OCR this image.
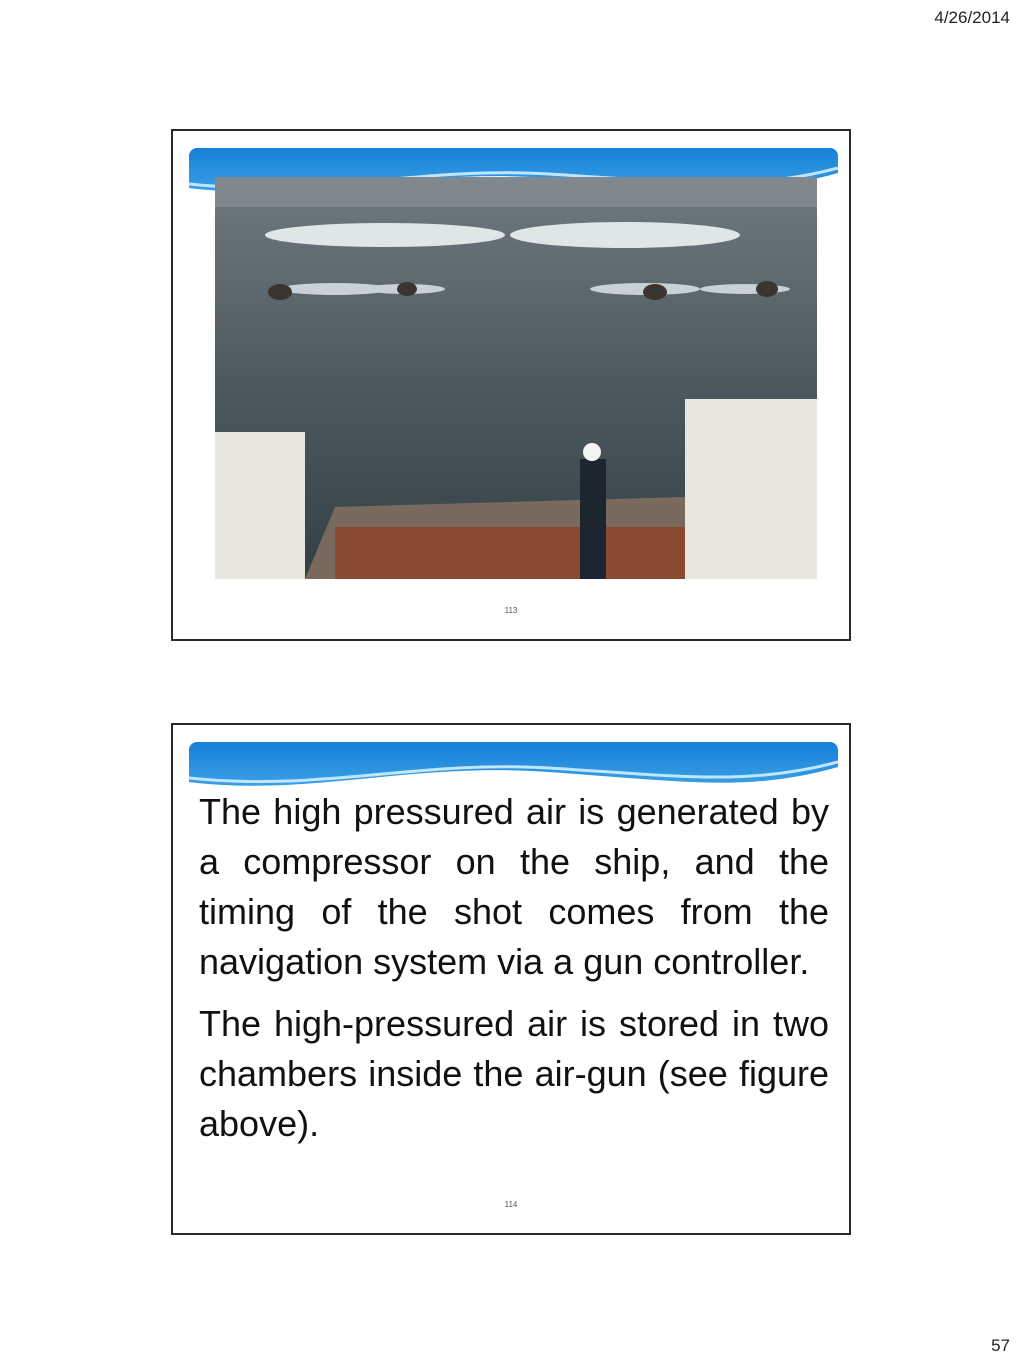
4/26/2014
113

The high pressured air is generated by a compressor on the ship, and the timing of the shot comes from the navigation system via a gun controller.

The high-pressured air is stored in two chambers inside the air-gun (see figure above).

114
57
